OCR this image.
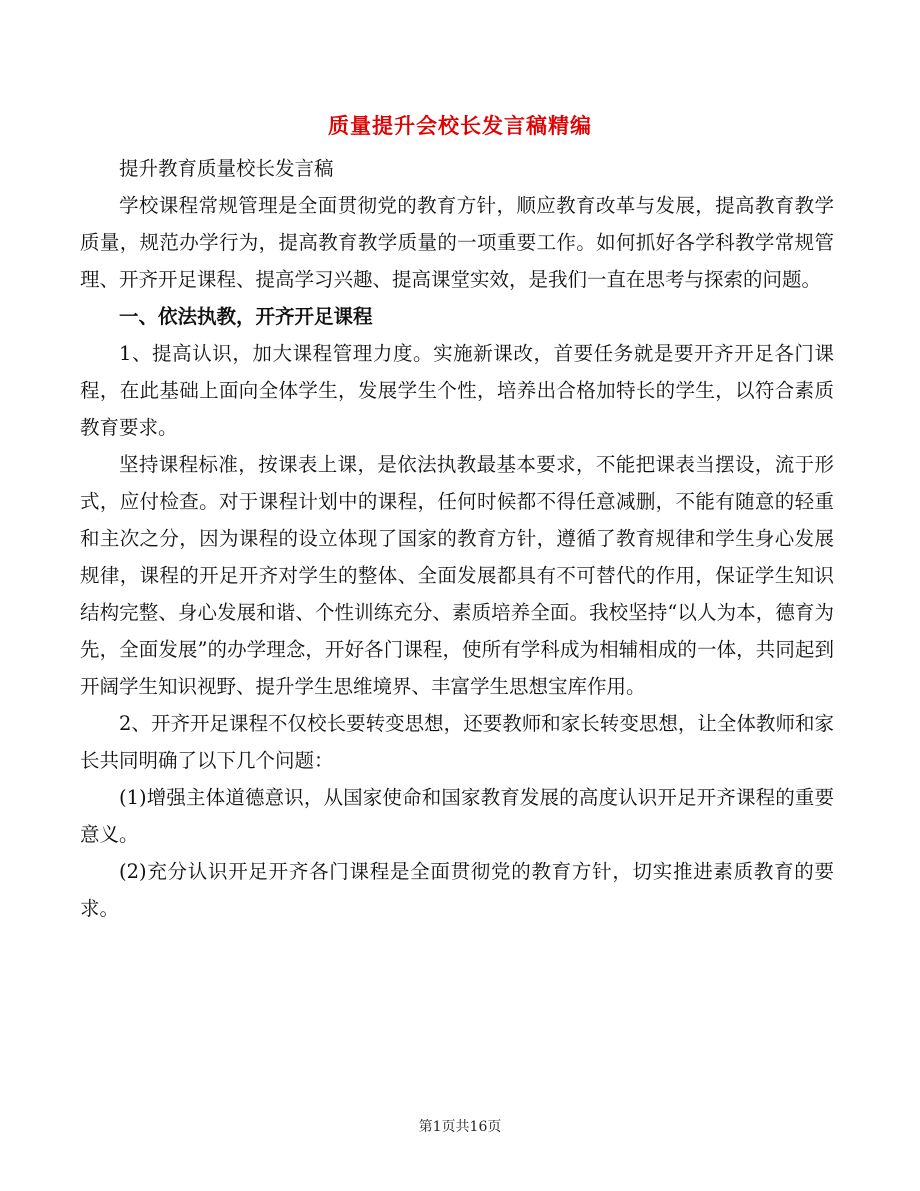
质量提升会校长发言稿精编

提升教育质量校长发言稿

学校课程常规管理是全面贯彻党的教育方针，顺应教育改革与发展，提高教育教学质量，规范办学行为，提高教育教学质量的一项重要工作。如何抓好各学科教学常规管理、开齐开足课程、提高学习兴趣、提高课堂实效，是我们一直在思考与探索的问题。

一、依法执教，开齐开足课程

1、提高认识，加大课程管理力度。实施新课改，首要任务就是要开齐开足各门课程，在此基础上面向全体学生，发展学生个性，培养出合格加特长的学生，以符合素质教育要求。

坚持课程标准，按课表上课，是依法执教最基本要求，不能把课表当摆设，流于形式，应付检查。对于课程计划中的课程，任何时候都不得任意减删，不能有随意的轻重和主次之分，因为课程的设立体现了国家的教育方针，遵循了教育规律和学生身心发展规律，课程的开足开齐对学生的整体、全面发展都具有不可替代的作用，保证学生知识结构完整、身心发展和谐、个性训练充分、素质培养全面。我校坚持“以人为本，德育为先，全面发展”的办学理念，开好各门课程，使所有学科成为相辅相成的一体，共同起到开阔学生知识视野、提升学生思维境界、丰富学生思想宝库作用。

2、开齐开足课程不仅校长要转变思想，还要教师和家长转变思想，让全体教师和家长共同明确了以下几个问题：

(1)增强主体道德意识，从国家使命和国家教育发展的高度认识开足开齐课程的重要意义。

(2)充分认识开足开齐各门课程是全面贯彻党的教育方针，切实推进素质教育的要求。

第1页共16页
